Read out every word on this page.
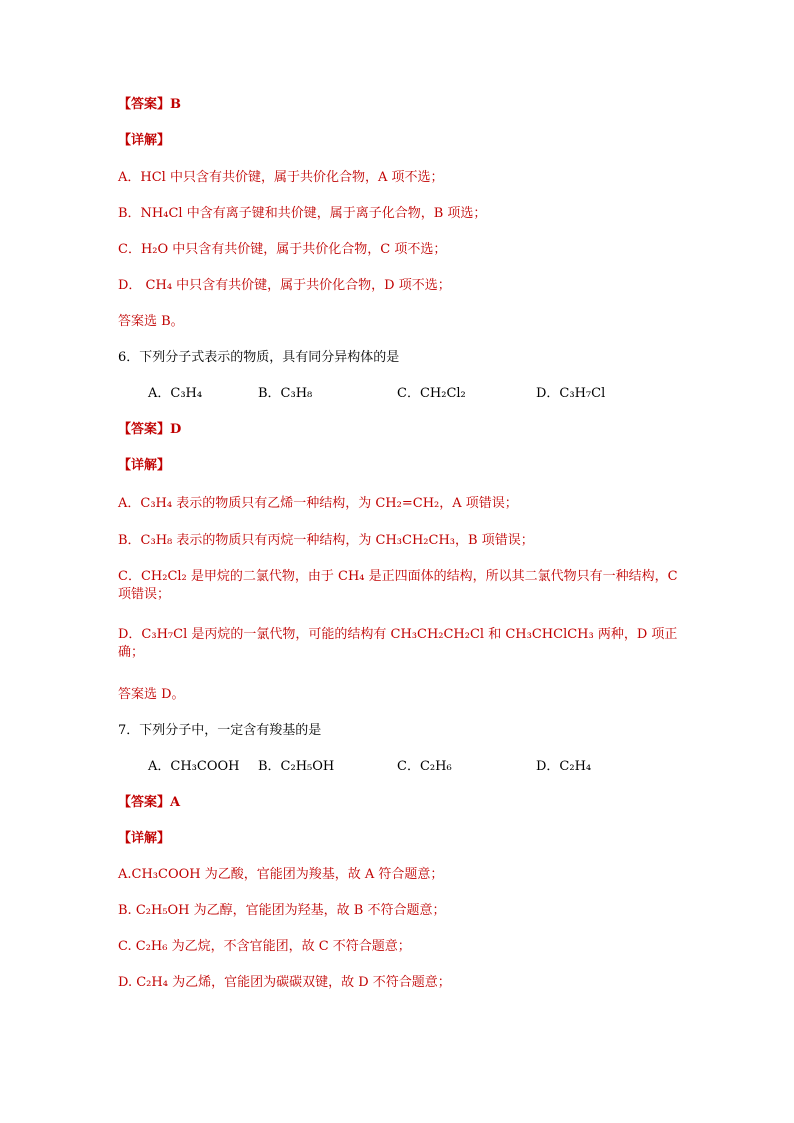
【答案】B
【详解】
A．HCl 中只含有共价键，属于共价化合物，A 项不选；
B．NH₄Cl 中含有离子键和共价键，属于离子化合物，B 项选；
C．H₂O 中只含有共价键，属于共价化合物，C 项不选；
D． CH₄ 中只含有共价键，属于共价化合物，D 项不选；
答案选 B。
6．下列分子式表示的物质，具有同分异构体的是
A．C₃H₄	B．C₃H₈	C．CH₂Cl₂	D．C₃H₇Cl
【答案】D
【详解】
A．C₃H₄ 表示的物质只有乙烯一种结构，为 CH₂=CH₂，A 项错误；
B．C₃H₈ 表示的物质只有丙烷一种结构，为 CH₃CH₂CH₃，B 项错误；
C．CH₂Cl₂ 是甲烷的二氯代物，由于 CH₄ 是正四面体的结构，所以其二氯代物只有一种结构，C 项错误；
D．C₃H₇Cl 是丙烷的一氯代物，可能的结构有 CH₃CH₂CH₂Cl 和 CH₃CHClCH₃ 两种，D 项正确；
答案选 D。
7．下列分子中，一定含有羧基的是
A．CH₃COOH B．C₂H₅OH	C．C₂H₆	D．C₂H₄
【答案】A
【详解】
A.CH₃COOH 为乙酸，官能团为羧基，故 A 符合题意；
B. C₂H₅OH 为乙醇，官能团为羟基，故 B 不符合题意；
C. C₂H₆ 为乙烷，不含官能团，故 C 不符合题意；
D. C₂H₄ 为乙烯，官能团为碳碳双键，故 D 不符合题意；
